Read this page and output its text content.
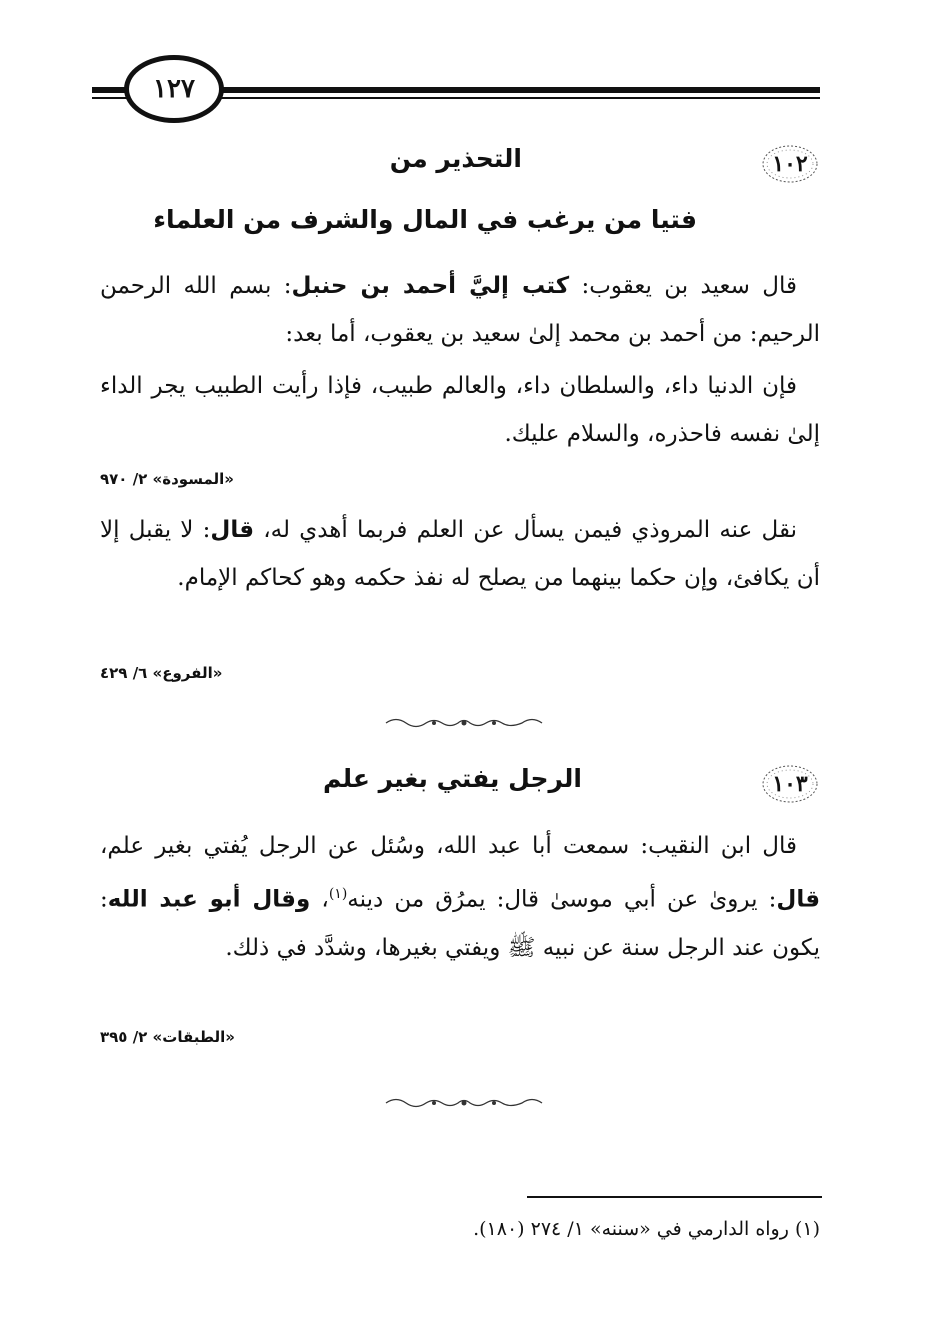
١٢٧
١٠٢
التحذير من
فتيا من يرغب في المال والشرف من العلماء

 قال سعيد بن يعقوب: كتب إليَّ أحمد بن حنبل: بسم الله الرحمن الرحيم: من أحمد بن محمد إلىٰ سعيد بن يعقوب، أما بعد:

 فإن الدنيا داء، والسلطان داء، والعالم طبيب، فإذا رأيت الطبيب يجر الداء إلىٰ نفسه فاحذره، والسلام عليك.

«المسودة» ٢/ ٩٧٠

 نقل عنه المروذي فيمن يسأل عن العلم فربما أهدي له، قال: لا يقبل إلا أن يكافئ، وإن حكما بينهما من يصلح له نفذ حكمه وهو كحاكم الإمام.

«الفروع» ٦/ ٤٢٩
١٠٣
الرجل يفتي بغير علم

 قال ابن النقيب: سمعت أبا عبد الله، وسُئل عن الرجل يُفتي بغير علم، قال: يروىٰ عن أبي موسىٰ قال: يمرُق من دينه$^{(١)}$، وقال أبو عبد الله: يكون عند الرجل سنة عن نبيه ﷺ ويفتي بغيرها، وشدَّد في ذلك.

«الطبقات» ٢/ ٣٩٥
(١) رواه الدارمي في «سننه» ١/ ٢٧٤ (١٨٠).
